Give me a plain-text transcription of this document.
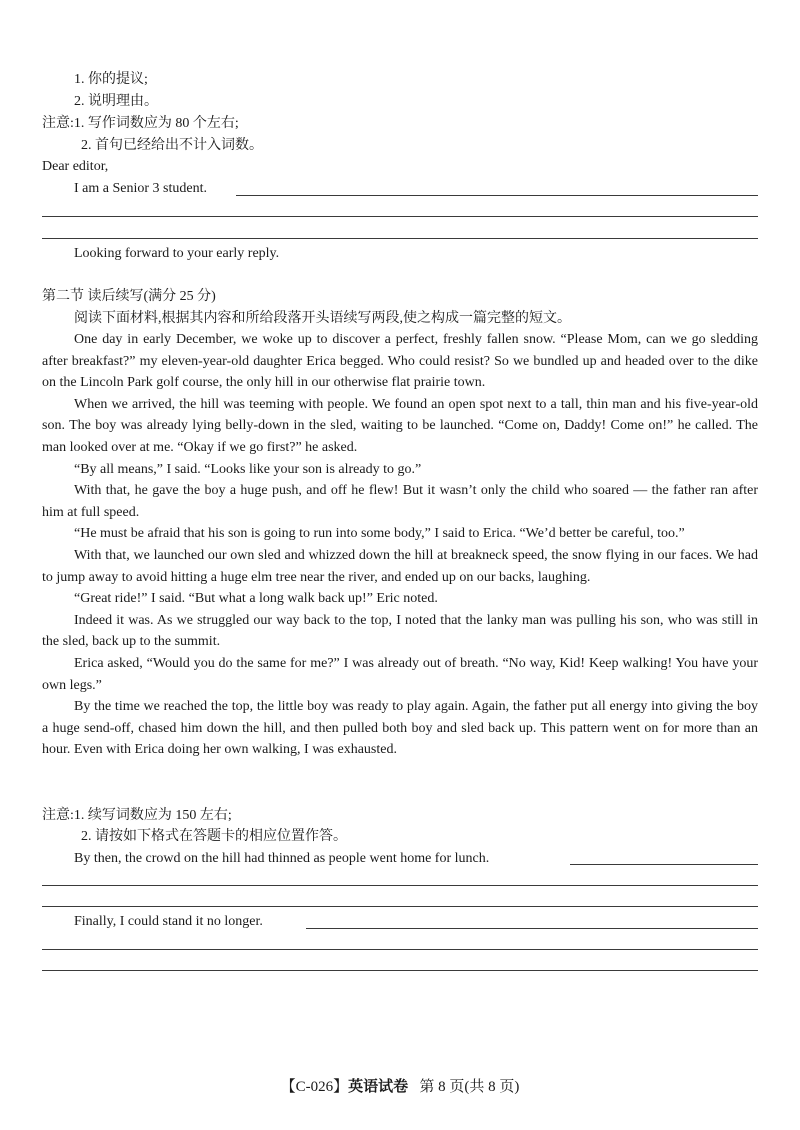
1. 你的提议;
2. 说明理由。
注意:1. 写作词数应为 80 个左右;
2. 首句已经给出不计入词数。
Dear editor,
I am a Senior 3 student.
Looking forward to your early reply.
第二节 读后续写(满分 25 分)
阅读下面材料,根据其内容和所给段落开头语续写两段,使之构成一篇完整的短文。

One day in early December, we woke up to discover a perfect, freshly fallen snow. “Please Mom, can we go sledding after breakfast?” my eleven-year-old daughter Erica begged. Who could resist? So we bundled up and headed over to the dike on the Lincoln Park golf course, the only hill in our otherwise flat prairie town.

When we arrived, the hill was teeming with people. We found an open spot next to a tall, thin man and his five-year-old son. The boy was already lying belly-down in the sled, waiting to be launched. “Come on, Daddy! Come on!” he called. The man looked over at me. “Okay if we go first?” he asked.

“By all means,” I said. “Looks like your son is already to go.”

With that, he gave the boy a huge push, and off he flew! But it wasn’t only the child who soared — the father ran after him at full speed.

“He must be afraid that his son is going to run into some body,” I said to Erica. “We’d better be careful, too.”

With that, we launched our own sled and whizzed down the hill at breakneck speed, the snow flying in our faces. We had to jump away to avoid hitting a huge elm tree near the river, and ended up on our backs, laughing.

“Great ride!” I said. “But what a long walk back up!” Eric noted.

Indeed it was. As we struggled our way back to the top, I noted that the lanky man was pulling his son, who was still in the sled, back up to the summit.

Erica asked, “Would you do the same for me?” I was already out of breath. “No way, Kid! Keep walking! You have your own legs.”

By the time we reached the top, the little boy was ready to play again. Again, the father put all energy into giving the boy a huge send-off, chased him down the hill, and then pulled both boy and sled back up. This pattern went on for more than an hour. Even with Erica doing her own walking, I was exhausted.

注意:1. 续写词数应为 150 左右;
2. 请按如下格式在答题卡的相应位置作答。
By then, the crowd on the hill had thinned as people went home for lunch.
Finally, I could stand it no longer.
【C-026】英语试卷 第 8 页(共 8 页)
